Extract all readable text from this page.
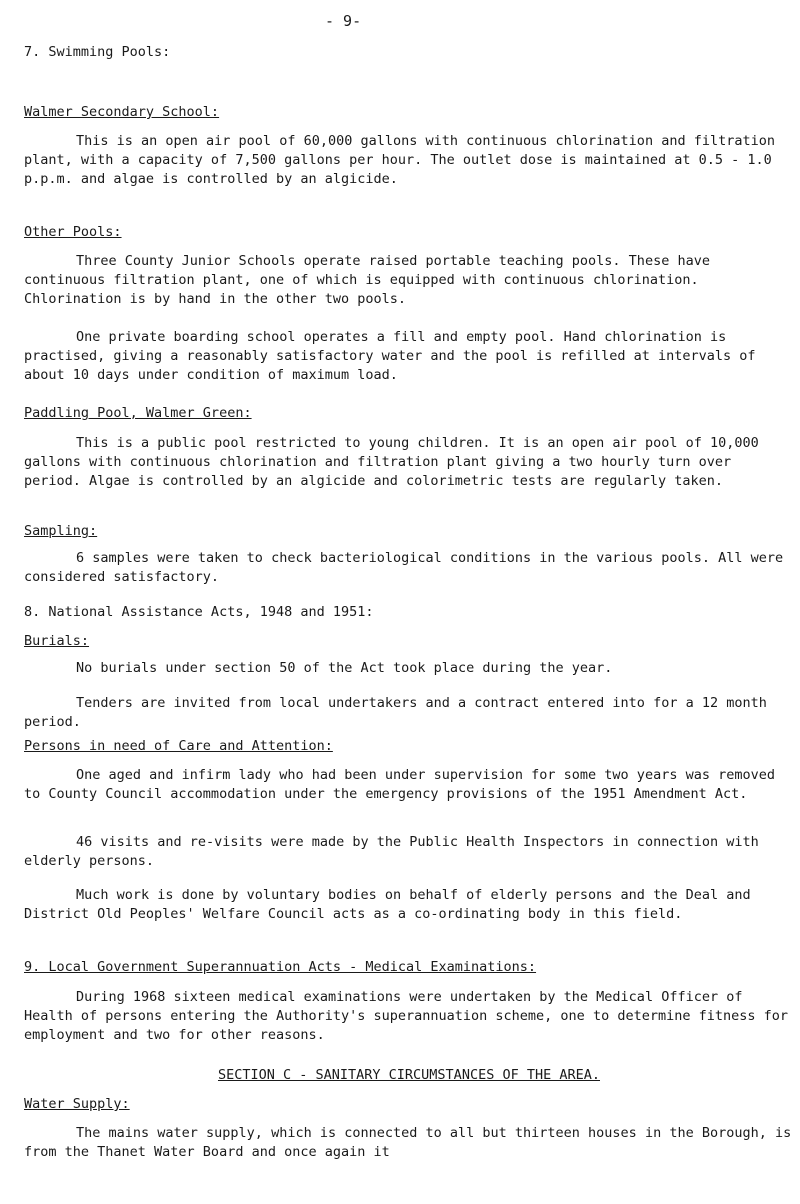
- 9-

7. Swimming Pools:

Walmer Secondary School:

This is an open air pool of 60,000 gallons with continuous chlorination and filtration plant, with a capacity of 7,500 gallons per hour. The outlet dose is maintained at 0.5 - 1.0 p.p.m. and algae is controlled by an algicide.

Other Pools:

Three County Junior Schools operate raised portable teaching pools. These have continuous filtration plant, one of which is equipped with continuous chlorination. Chlorination is by hand in the other two pools.

One private boarding school operates a fill and empty pool. Hand chlorination is practised, giving a reasonably satisfactory water and the pool is refilled at intervals of about 10 days under condition of maximum load.

Paddling Pool, Walmer Green:

This is a public pool restricted to young children. It is an open air pool of 10,000 gallons with continuous chlorination and filtration plant giving a two hourly turn over period. Algae is controlled by an algicide and colorimetric tests are regularly taken.

Sampling:

6 samples were taken to check bacteriological conditions in the various pools. All were considered satisfactory.

8. National Assistance Acts, 1948 and 1951:

Burials:

No burials under section 50 of the Act took place during the year.

Tenders are invited from local undertakers and a contract entered into for a 12 month period.

Persons in need of Care and Attention:

One aged and infirm lady who had been under supervision for some two years was removed to County Council accommodation under the emergency provisions of the 1951 Amendment Act.

46 visits and re-visits were made by the Public Health Inspectors in connection with elderly persons.

Much work is done by voluntary bodies on behalf of elderly persons and the Deal and District Old Peoples' Welfare Council acts as a co-ordinating body in this field.

9. Local Government Superannuation Acts - Medical Examinations:

During 1968 sixteen medical examinations were undertaken by the Medical Officer of Health of persons entering the Authority's superannuation scheme, one to determine fitness for employment and two for other reasons.

SECTION C - SANITARY CIRCUMSTANCES OF THE AREA.

Water Supply:

The mains water supply, which is connected to all but thirteen houses in the Borough, is from the Thanet Water Board and once again it
